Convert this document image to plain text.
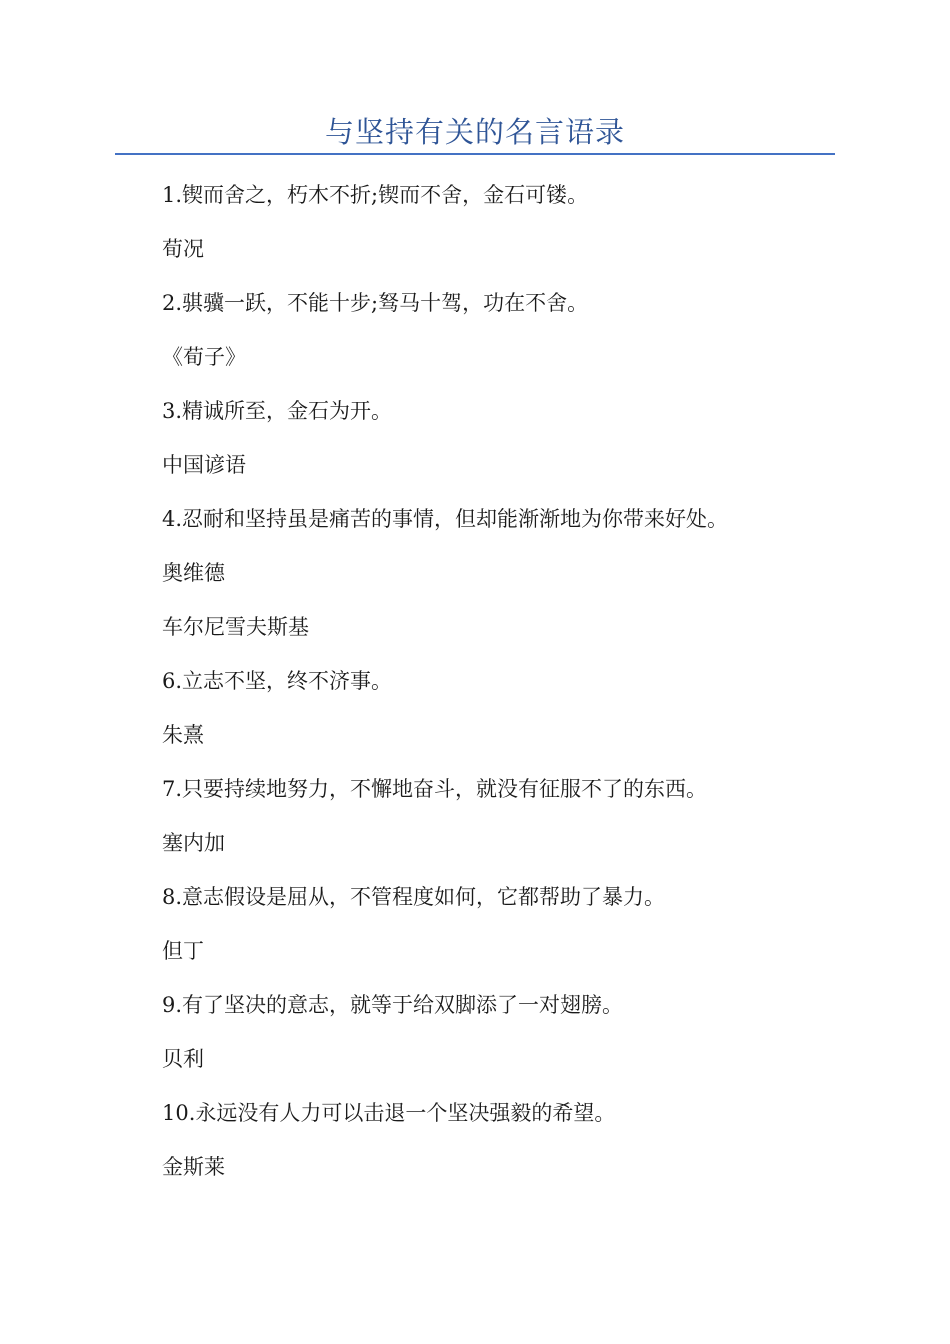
与坚持有关的名言语录
1.锲而舍之，朽木不折;锲而不舍，金石可镂。
荀况
2.骐骥一跃，不能十步;驽马十驾，功在不舍。
《荀子》
3.精诚所至，金石为开。
中国谚语
4.忍耐和坚持虽是痛苦的事情，但却能渐渐地为你带来好处。
奥维德
车尔尼雪夫斯基
6.立志不坚，终不济事。
朱熹
7.只要持续地努力，不懈地奋斗，就没有征服不了的东西。
塞内加
8.意志假设是屈从，不管程度如何，它都帮助了暴力。
但丁
9.有了坚决的意志，就等于给双脚添了一对翅膀。
贝利
10.永远没有人力可以击退一个坚决强毅的希望。
金斯莱
